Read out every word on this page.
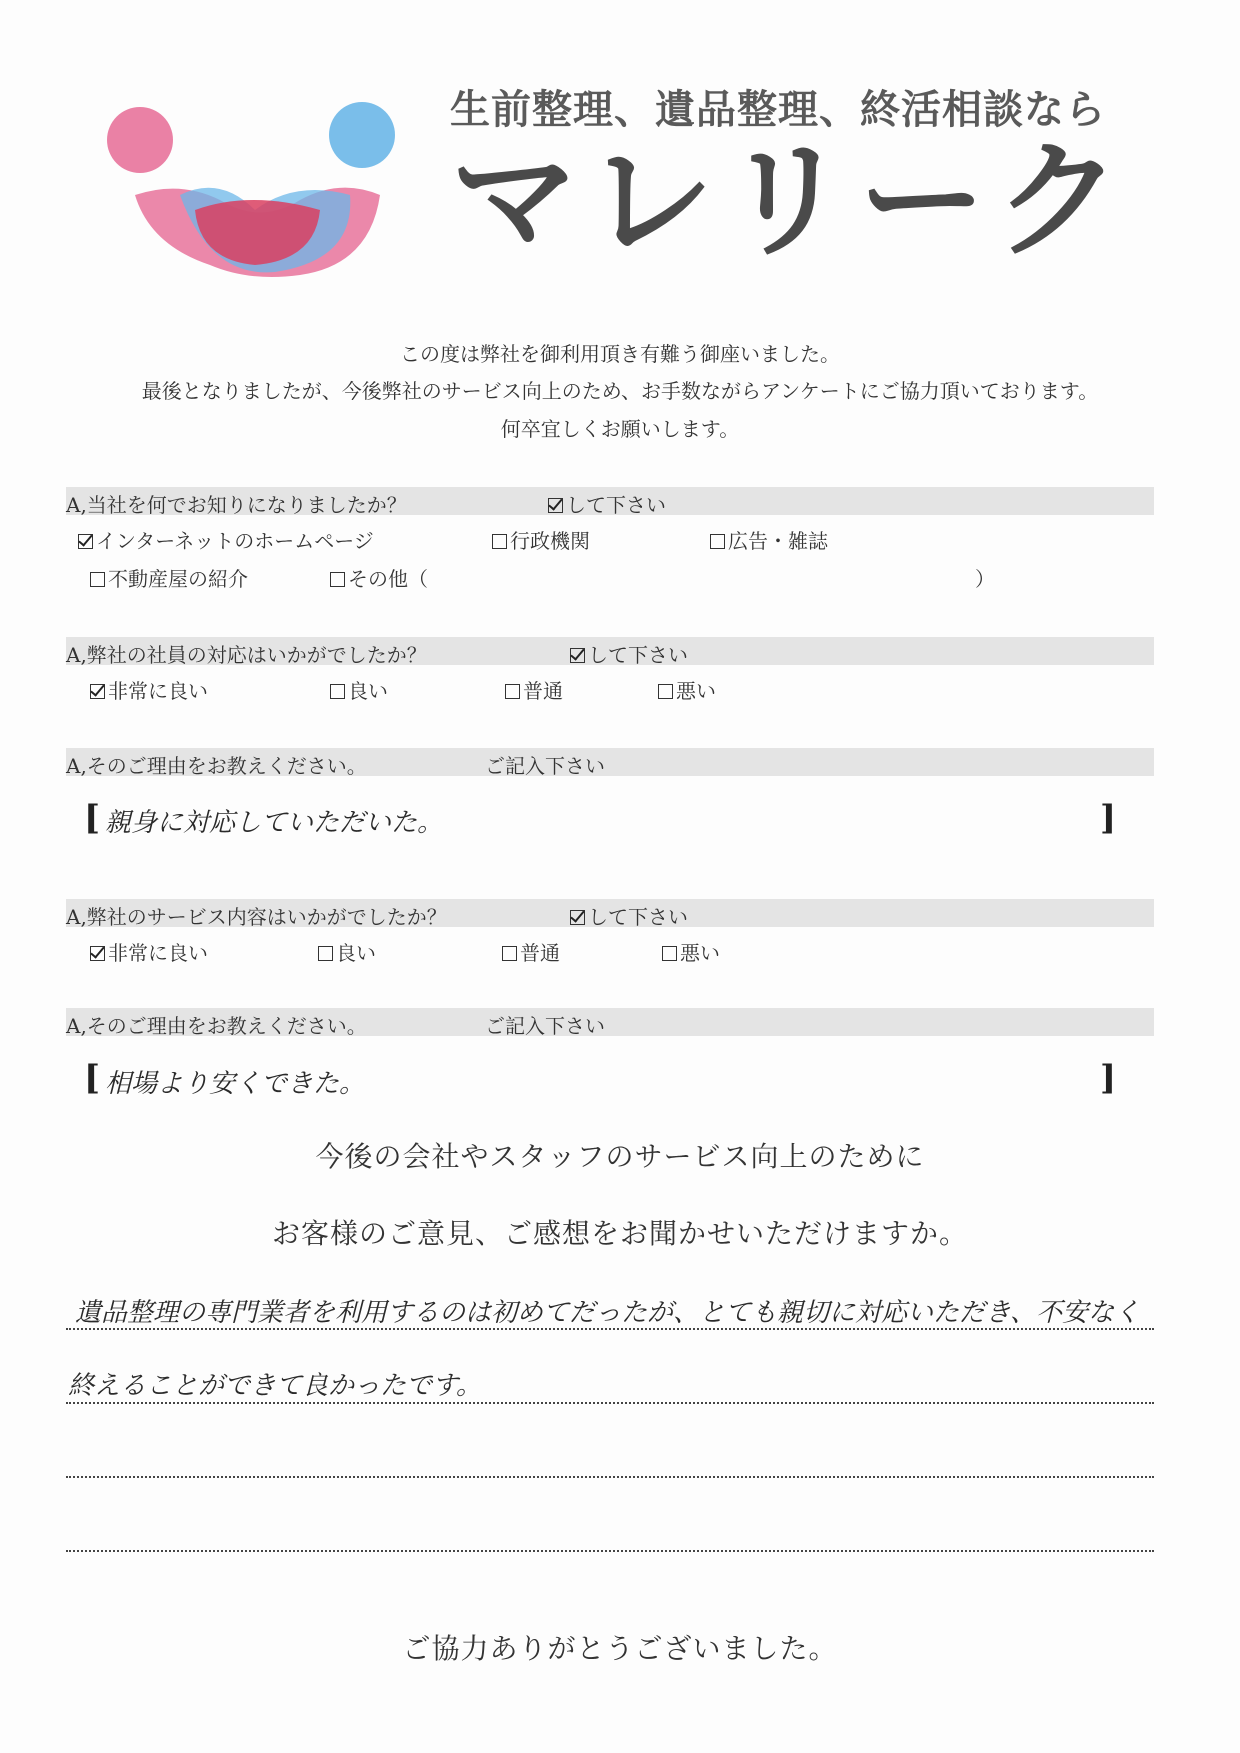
生前整理、遺品整理、終活相談なら
マレリーク
この度は弊社を御利用頂き有難う御座いました。
最後となりましたが、今後弊社のサービス向上のため、お手数ながらアンケートにご協力頂いております。
何卒宜しくお願いします。
A,当社を何でお知りになりましたか？	して下さい
インターネットのホームページ	行政機関	広告・雑誌
不動産屋の紹介	その他（	）
A,弊社の社員の対応はいかがでしたか？	して下さい
非常に良い	良い	普通	悪い
A,そのご理由をお教えください。	ご記入下さい
[ 親身に対応していただいた。	]
A,弊社のサービス内容はいかがでしたか？	して下さい
非常に良い	良い	普通	悪い
A,そのご理由をお教えください。	ご記入下さい
[ 相場より安くできた。	]
今後の会社やスタッフのサービス向上のために
お客様のご意見、ご感想をお聞かせいただけますか。
遺品整理の専門業者を利用するのは初めてだったが、とても親切に対応いただき、不安なく
終えることができて良かったです。
ご協力ありがとうございました。
